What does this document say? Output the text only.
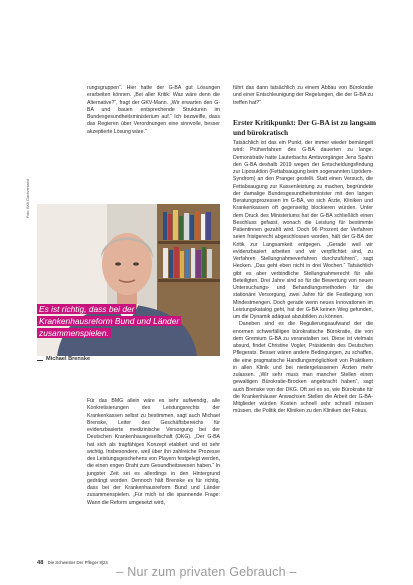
rungsgruppen“. Hier hatte der G-BA gut Lösungen erarbeiten können. „Bei aller Kritik: Was wäre denn die Alternative?“, fragt der GKV-Mann. „Wir erwarten den G-BA und bauen entsprechende Strukturen im Bundesgesundheitsministerium auf.“ Ich bezweifle, dass das Regieren über Verordnungen eine sinnvolle, besser akzeptierte Lösung wäre.“

Foto: BKK Dachverband
Es ist richtig, dass bei der Krankenhausreform Bund und Länder zusammenspielen.
Michael Brenske

Für das BMG allein wäre es sehr aufwendig, alle Konkretisierungen des Leistungsrechts der Krankenkassen selbst zu bestimmen, sagt auch Michael Brenske, Leiter des Geschäftsbereichs für evidenzbasierte medizinische Versorgung bei der Deutschen Krankenhausgesellschaft (DKG). „Der G-BA hat sich als tragfähiges Konzept etabliert und ist sehr wichtig. Insbesondere, weil über ihn zahlreiche Prozesse des Leistungsgeschehens von Playern festgelegt werden, die einen engen Draht zum Gesundheitswesen haben.“ In jungster Zeit sei es allerdings in den Hintergrund gedrängt worden. Dennoch hält Brenske es für richtig, dass bei der Krankenhausreform Bund und Länder zusammenspielen. „Für mich ist die spannende Frage: Wann die Reform umgesetzt wird,

führt das dann tatsächlich zu einem Abbau von Bürokratie und einer Entschleunigung der Regelungen, die der G-BA zu treffen hat?“

Erster Kritikpunkt: Der G-BA ist zu langsam und bürokratisch

Tatsächlich ist das ein Punkt, der immer wieder bemängelt wird: Prüfverfahren des G-BA dauerten zu lange. Demonstrativ hatte Lauterbachs Amtsvorgänger Jens Spahn den G-BA deshalb 2019 wegen der Entscheidungsfindung zur Liposuktion (Fettabsaugung beim sogenannten Lipödem-Syndrom) an den Pranger gestellt. Statt einen Versuch, die Fettabsaugung zur Kassenleistung zu machen, begründete der damalige Bundesgesundheitsminister mit den langen Beratungsprozessen im G-BA, wo sich Ärzte, Kliniken und Krankenkassen oft gegenseitig blockieren würden. Unter dem Druck des Ministeriums hat der G-BA schließlich einen Beschluss gefasst, wonach die Leistung für bestimmte Patientinnen gezahlt wird. Doch 96 Prozent der Verfahren seien fristgerecht abgeschlossen worden, hält der G-BA der Kritik zur Langsamkeit entgegen. „Gerade weil wir evidenzbasiert arbeiten und wir verpflichtet sind, zu Verfahren Stellungnahmeverfahren durchzuführen“, sagt Hecken. „Das geht eben nicht in drei Wochen.“ Tatsächlich gibt es aber verbindliche Stellungnahmerecht für alle Beteiligten. Drei Jahre sind so für die Bewertung von neuen Untersuchungs- und Behandlungsmethoden für die stationäre Versorgung, zwei Jahre für die Festlegung von Mindestmengen. Doch gerade wenn neues Innovationen im Leistungskatalog geht, hat der G-BA keinen Weg gefunden, um die Dynamik adäquat abzubilden zu können.

Daneben sind es die Regulierungsaufwand der die enormen schwerfälligen bürokratische Bürokratie, die von dem Gremium G-BA zu veranstalten sei. Diese ist vielmals absurd, findet Christine Vogler, Präsidentin des Deutschen Pflegerats. Besser wären andere Bedingungen, zu schaffen, die eine pragmatische Handlungsmöglichkeit von Praktikern in allen Klinik und bei niedergelassenen Ärzten mehr zulassen. „Wir sehr muss man mancher Stellen einen gewaltigen Bürokratie-Brocken angebracht haben“, sagt auch Brenske von der DKG. Oft sei es so, wie Bürokratie für die Krankenhäuser Anwachsen Stellen die Arbeit der G-BA-Mitglieder würden Kosten schnell sehr schnell müssen müssen, die Politik der Kliniken zu den Kliniken der Fokus.

48 Die Schwester Der Pfleger 8|24
– Nur zum privaten Gebrauch –
